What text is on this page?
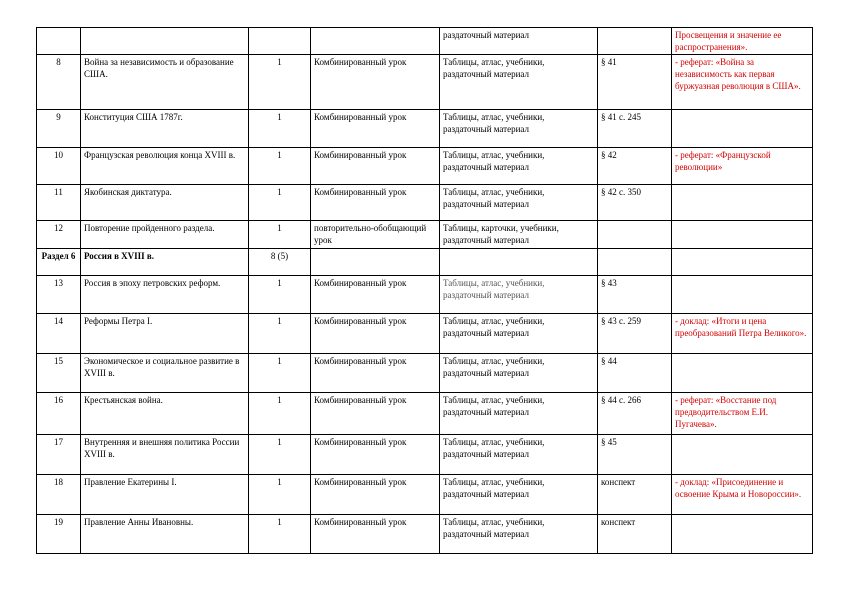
				раздаточный материал		Просвещения и значение ее распространения».
8	Война за независимость и образование США.	1	Комбинированный урок	Таблицы, атлас, учебники, раздаточный материал	§ 41	- реферат: «Война за независимость как первая буржуазная революция в США».
9	Конституция США 1787г.	1	Комбинированный урок	Таблицы, атлас, учебники, раздаточный материал	§ 41 с. 245	
10	Французская революция конца XVIII в.	1	Комбинированный урок	Таблицы, атлас, учебники, раздаточный материал	§ 42	- реферат: «Французской революции»
11	Якобинская диктатура.	1	Комбинированный урок	Таблицы, атлас, учебники, раздаточный материал	§ 42 с. 350	
12	Повторение пройденного раздела.	1	повторительно-обобщающий урок	Таблицы, карточки, учебники, раздаточный материал		
Раздел 6	Россия в XVIII в.	8 (5)				
13	Россия в эпоху петровских реформ.	1	Комбинированный урок	Таблицы, атлас, учебники, раздаточный материал	§ 43	
14	Реформы Петра I.	1	Комбинированный урок	Таблицы, атлас, учебники, раздаточный материал	§ 43 с. 259	- доклад: «Итоги и цена преобразований Петра Великого».
15	Экономическое и социальное развитие в XVIII в.	1	Комбинированный урок	Таблицы, атлас, учебники, раздаточный материал	§ 44	
16	Крестьянская война.	1	Комбинированный урок	Таблицы, атлас, учебники, раздаточный материал	§ 44 с. 266	- реферат: «Восстание под предводительством Е.И. Пугачева».
17	Внутренняя и внешняя политика России XVIII в.	1	Комбинированный урок	Таблицы, атлас, учебники, раздаточный материал	§ 45	
18	Правление Екатерины I.	1	Комбинированный урок	Таблицы, атлас, учебники, раздаточный материал	конспект	- доклад: «Присоединение и освоение Крыма и Новороссии».
19	Правление Анны Ивановны.	1	Комбинированный урок	Таблицы, атлас, учебники, раздаточный материал	конспект	
